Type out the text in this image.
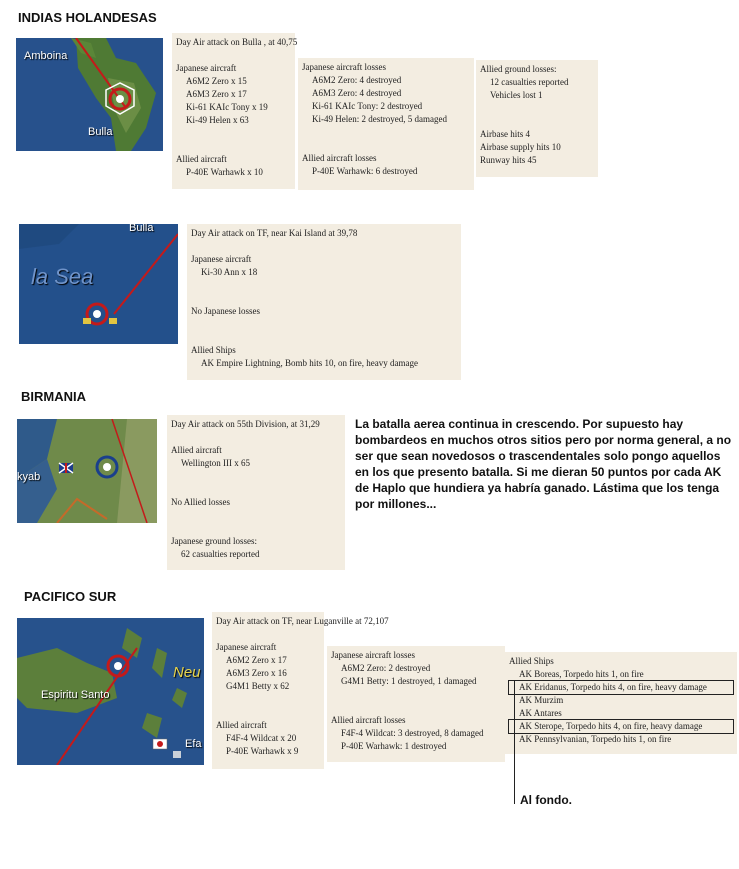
INDIAS HOLANDESAS
Amboina
Bulla
Day Air attack on Bulla , at 40,75
Japanese aircraft
A6M2 Zero x 15
A6M3 Zero x 17
Ki-61 KAIc Tony x 19
Ki-49 Helen x 63
Allied aircraft
P-40E Warhawk x 10
Japanese aircraft losses
A6M2 Zero: 4 destroyed
A6M3 Zero: 4 destroyed
Ki-61 KAIc Tony: 2 destroyed
Ki-49 Helen: 2 destroyed, 5 damaged
Allied aircraft losses
P-40E Warhawk: 6 destroyed
Allied ground losses:
12 casualties reported
Vehicles lost 1
Airbase hits 4
Airbase supply hits 10
Runway hits 45
Bulla
la Sea
Day Air attack on TF, near Kai Island at 39,78
Japanese aircraft
Ki-30 Ann x 18
No Japanese losses
Allied Ships
AK Empire Lightning, Bomb hits 10, on fire, heavy damage
BIRMANIA
kyab
Day Air attack on 55th Division, at 31,29
Allied aircraft
Wellington III x 65
No Allied losses
Japanese ground losses:
62 casualties reported
La batalla aerea continua in crescendo. Por supuesto hay bombardeos en muchos otros sitios pero por norma general, a no ser que sean novedosos o trascendentales solo pongo aquellos en los que presento batalla. Si me dieran 50 puntos por cada AK de Haplo que hundiera ya habría ganado. Lástima que los tenga por millones...
PACIFICO SUR
Espiritu Santo
Neu
Efa
Day Air attack on TF, near Luganville at 72,107
Japanese aircraft
A6M2 Zero x 17
A6M3 Zero x 16
G4M1 Betty x 62
Allied aircraft
F4F-4 Wildcat x 20
P-40E Warhawk x 9
Japanese aircraft losses
A6M2 Zero: 2 destroyed
G4M1 Betty: 1 destroyed, 1 damaged
Allied aircraft losses
F4F-4 Wildcat: 3 destroyed, 8 damaged
P-40E Warhawk: 1 destroyed
Allied Ships
AK Boreas, Torpedo hits 1, on fire
AK Eridanus, Torpedo hits 4, on fire, heavy damage
AK Murzim
AK Antares
AK Sterope, Torpedo hits 4, on fire, heavy damage
AK Pennsylvanian, Torpedo hits 1, on fire
Al fondo.
